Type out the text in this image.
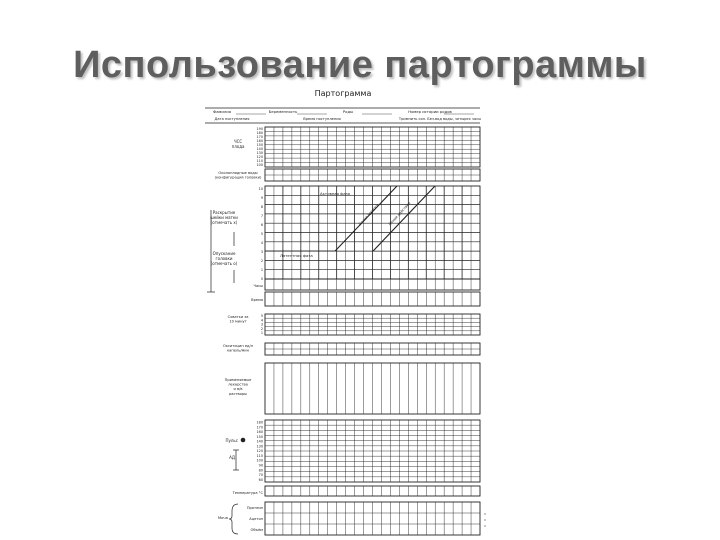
Использование партограммы
Партограмма
Фамилия	Беременность	Роды	Номер истории родов
Дата поступления	Время поступления	Тримпить соп. Без.вод воды, четырех часы
190
180
170
160
150
140
130
120
110
100
ЧСС
плода
Околоплодные воды
(конфигурация головки)
10
9
8
7
6
5
4
3
2
1
0
Раскрытие
шейки матки
(отмечать x)
Опускание
головки
(отмечать o)
Латентная фаза
Активная фаза
Линия тревоги Линия действия
Часы
Время
5
4
3
2
1
Схватки за
10 минут
Окситоцин ед/л
капель/мин
Применяемые
лекарства
и в/в
растворы
180
170
160
150
140
130
120
110
100
90
80
70
60
Пульс
АД
Температура °C
Протеин
Ацетон
Объём
Моча
